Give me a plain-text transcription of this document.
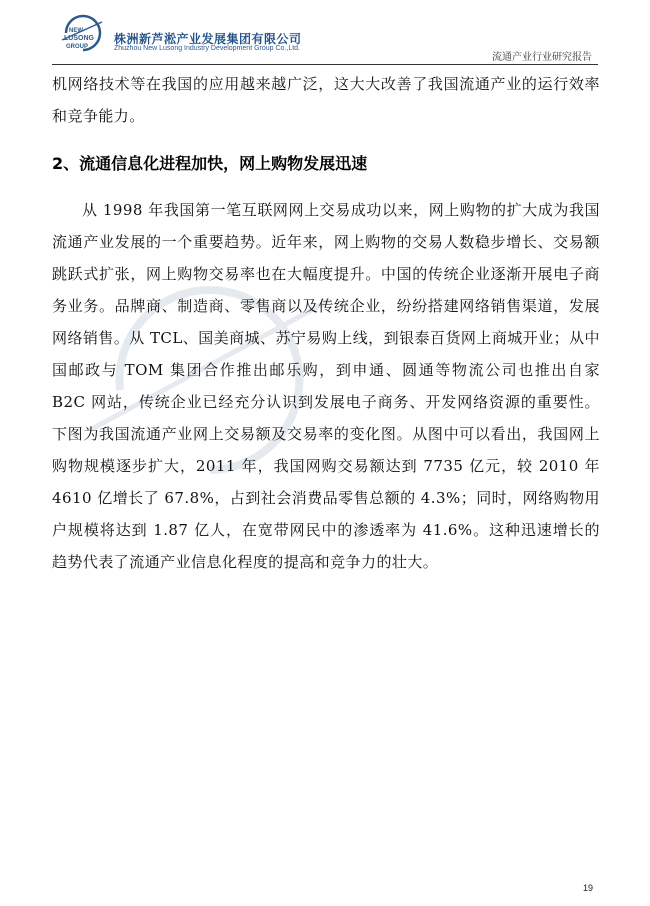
NEW
LUSONG
GROUP
株洲新芦淞产业发展集团有限公司
Zhuzhou New Lusong Industry Development Group Co.,Ltd.
流通产业行业研究报告

机网络技术等在我国的应用越来越广泛，这大大改善了我国流通产业的运行效率和竞争能力。

2、流通信息化进程加快，网上购物发展迅速

从 1998 年我国第一笔互联网网上交易成功以来，网上购物的扩大成为我国流通产业发展的一个重要趋势。近年来，网上购物的交易人数稳步增长、交易额跳跃式扩张，网上购物交易率也在大幅度提升。中国的传统企业逐渐开展电子商务业务。品牌商、制造商、零售商以及传统企业，纷纷搭建网络销售渠道，发展网络销售。从 TCL、国美商城、苏宁易购上线，到银泰百货网上商城开业；从中国邮政与 TOM 集团合作推出邮乐购，到申通、圆通等物流公司也推出自家 B2C 网站，传统企业已经充分认识到发展电子商务、开发网络资源的重要性。下图为我国流通产业网上交易额及交易率的变化图。从图中可以看出，我国网上购物规模逐步扩大，2011 年，我国网购交易额达到 7735 亿元，较 2010 年 4610 亿增长了 67.8%，占到社会消费品零售总额的 4.3%；同时，网络购物用户规模将达到 1.87 亿人，在宽带网民中的渗透率为 41.6%。这种迅速增长的趋势代表了流通产业信息化程度的提高和竞争力的壮大。

19
